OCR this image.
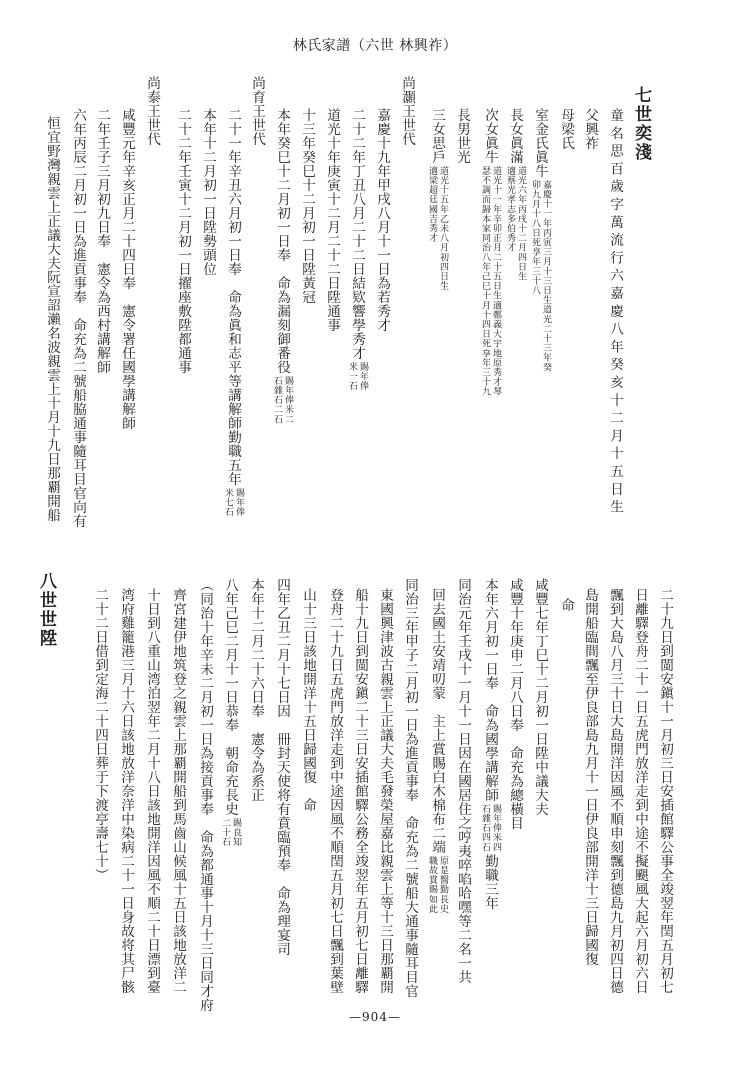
林氏家譜（六世 林興祚）
七世奕淺
童名思百歲字萬流行六嘉慶八年癸亥十二月十五日生
父興祚
母梁氏
室金氏眞牛
嘉慶十一年丙寅三月十三日生道光二十三年癸
卯九月十八日死享年三十八
長女眞滿
道光六年丙戌十二月四日生
適蔡光孝志多伯秀才
次女眞牛
道光十一年辛卯正月二十五日生適鄭義大宇地原秀才琴
瑟不調而歸本家同治八年己巳十月十四日死享年三十九
長男世光
三女思戶
道光十五年乙未八月初四日生
適梁超廷國吉秀才
尚灝王世代
嘉慶十九年甲戌八月十一日為若秀才
二十二年丁丑八月二十二日結欵響學秀才
賜年俸
米一石
道光十年庚寅十二月二十二日陞通事
十三年癸巳十二月初一日陞黃冠
本年癸巳十二月初一日奉　命為漏刻御番役
賜年俸米二
石雜石二石
尚育王世代
二十一年辛丑六月初一日奉　命為眞和志平等講解師勤職五年
賜年俸
米七石
本年十二月初一日陞勢頭位
二十二年壬寅十二月初一日擢座敷陞都通事
尚泰王世代
咸豐元年辛亥正月二十四日奉　憲令署任國學講解師
二年壬子三月初九日奉　憲令為西村講解師
六年丙辰二月初一日為進貢事奉　命充為二號船脇通事隨耳目官向有
恒宜野灣親雲上正議大夫阮宣詔瀨名波親雲上十月十九日那覇開船
二十九日到閩安鎭十一月初三日安插館驛公事全竣翌年閏五月初七
日離驛登舟二十一日五虎門放洋走到中途不擬颶風大起六月初六日
飄到大島八月三十日大島開洋因風不順申刻飄到德島九月初四日德
島開船臨間飄至伊良部島九月十一日伊良部開洋十三日歸國復
命
咸豐七年丁巳十二月初一日陞中議大夫
咸豐十年庚申二月八日奉　命充為總橫目
本年六月初一日奉　命為國學講解師
賜年俸米四
石雜石四石
勤職三年
同治元年壬戌十一月十一日因在國居住之哼夷啐啗哈嘿等二名一共
回去國土安靖叨蒙　主上賞賜白木棉布二端
原是醫勤長史
職故賞賜如此
同治三年甲子二月初一日為進貢事奉　命充為二號船大通事隨耳目官
東國興津波古親雲上正議大夫毛發榮屋嘉比親雲上等十三日那覇開
船十九日到閩安鎭二十三日安插館驛公務全竣翌年五月初七日離驛
登舟二十九日五虎門放洋走到中途因風不順閏五月初七日飄到葉壁
山十三日該地開洋十五日歸國復　命
四年乙丑二月十七日因　冊封天使将有賁臨預奉　命為理宴司
本年十二月二十六日奉　憲令為系正
八年己巳二月十一日恭奉　朝命充長史
賜良知
二十石
（同治十年辛未二月初一日為接貢事奉　命為都通事十月十三日同才府
齊宮建伊地筑登之親雲上那覇開船到馬齒山候風十五日該地放洋二
十日到八重山湾泊翌年二月十八日該地開洋因風不順二十日漂到臺
湾府雞籠港三月十六日該地放洋奈洋中染病二十一日身故将其尸骸
二十二日借到定海二十四日葬于下渡亭壽七十）
八世世陞
—904—
